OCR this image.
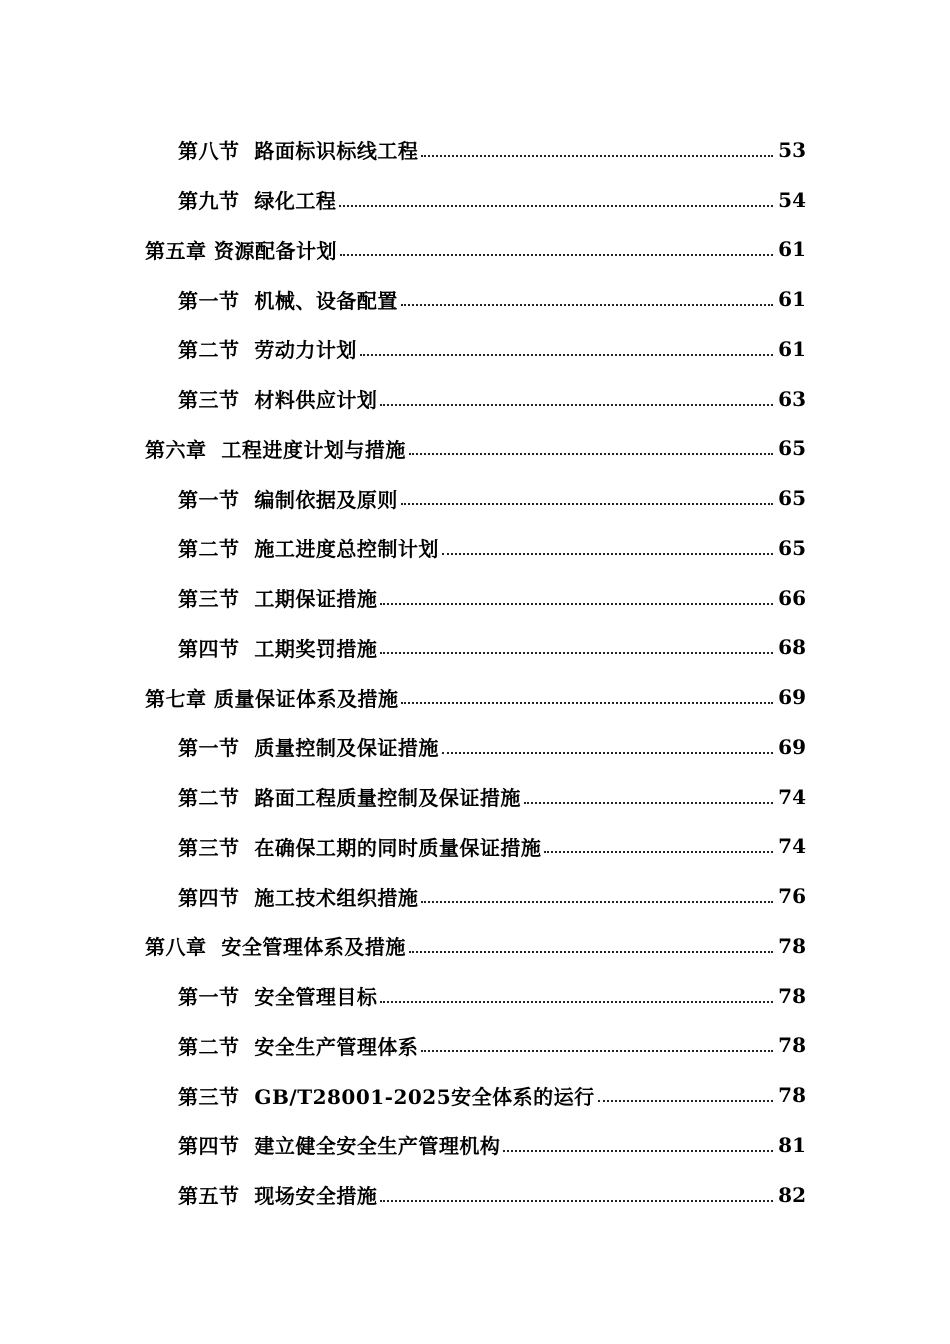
第八节  路面标识标线工程	53
第九节  绿化工程	54
第五章 资源配备计划	61
第一节  机械、设备配置	61
第二节  劳动力计划	61
第三节  材料供应计划	63
第六章  工程进度计划与措施	65
第一节  编制依据及原则	65
第二节  施工进度总控制计划	65
第三节  工期保证措施	66
第四节  工期奖罚措施	68
第七章 质量保证体系及措施	69
第一节  质量控制及保证措施	69
第二节  路面工程质量控制及保证措施	74
第三节  在确保工期的同时质量保证措施	74
第四节  施工技术组织措施	76
第八章  安全管理体系及措施	78
第一节  安全管理目标	78
第二节  安全生产管理体系	78
第三节  GB/T28001-2025安全体系的运行	78
第四节  建立健全安全生产管理机构	81
第五节  现场安全措施	82
